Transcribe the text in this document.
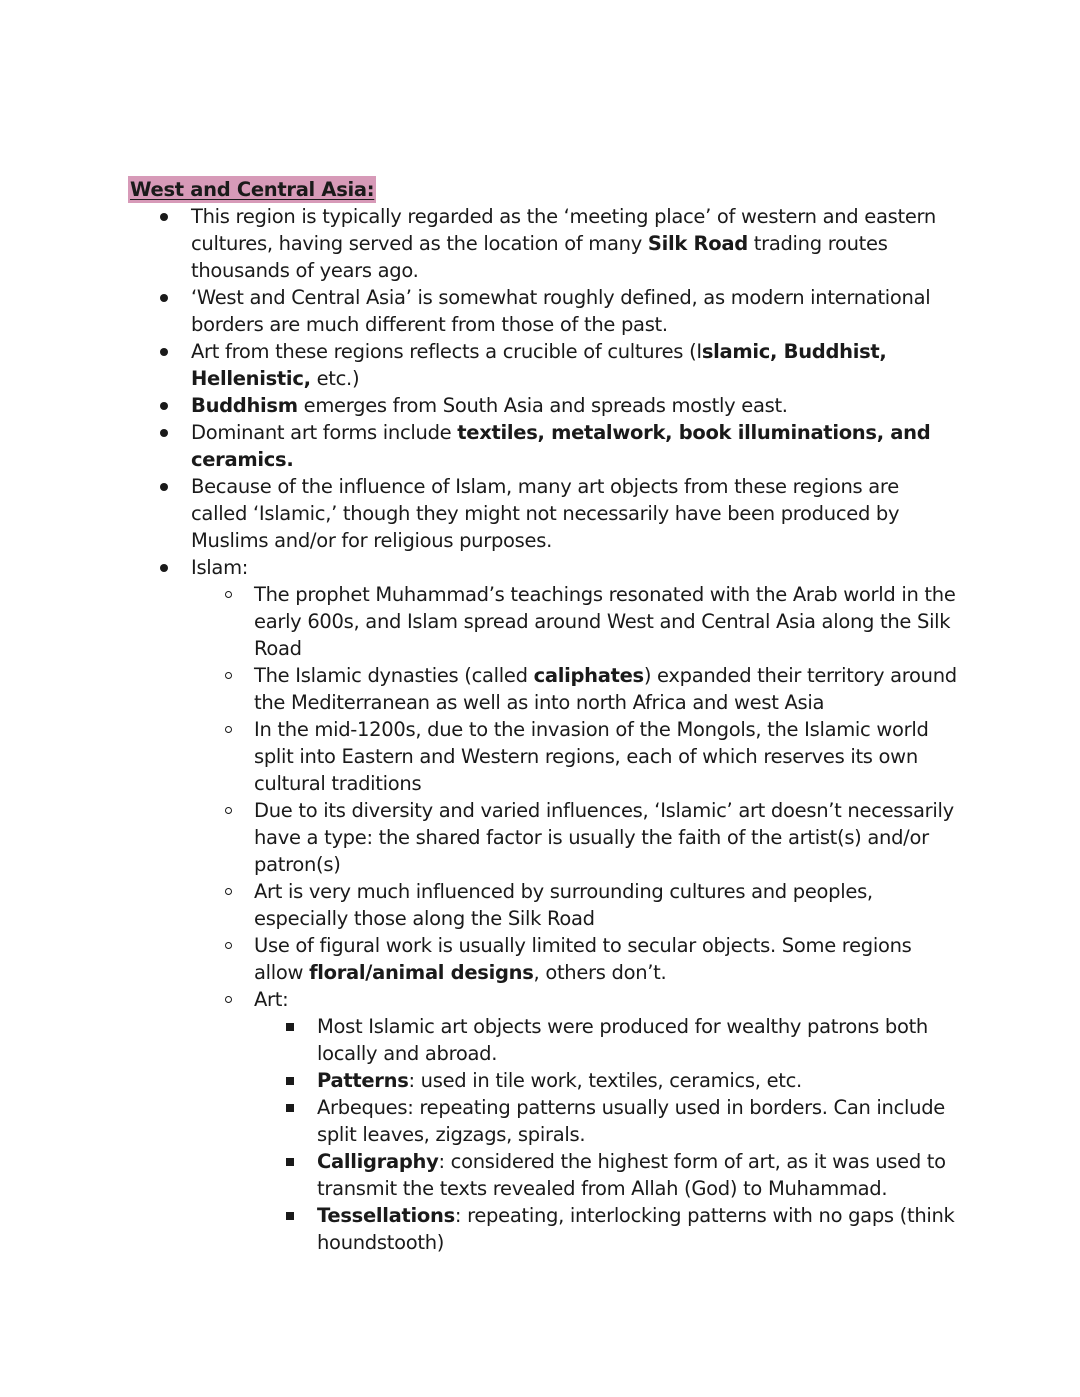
West and Central Asia:
This region is typically regarded as the ‘meeting place’ of western and eastern cultures, having served as the location of many Silk Road trading routes thousands of years ago.
‘West and Central Asia’ is somewhat roughly defined, as modern international borders are much different from those of the past.
Art from these regions reflects a crucible of cultures (Islamic, Buddhist, Hellenistic, etc.)
Buddhism emerges from South Asia and spreads mostly east.
Dominant art forms include textiles, metalwork, book illuminations, and ceramics.
Because of the influence of Islam, many art objects from these regions are called ‘Islamic,’ though they might not necessarily have been produced by Muslims and/or for religious purposes.
Islam:
The prophet Muhammad’s teachings resonated with the Arab world in the early 600s, and Islam spread around West and Central Asia along the Silk Road
The Islamic dynasties (called caliphates) expanded their territory around the Mediterranean as well as into north Africa and west Asia
In the mid-1200s, due to the invasion of the Mongols, the Islamic world split into Eastern and Western regions, each of which reserves its own cultural traditions
Due to its diversity and varied influences, ‘Islamic’ art doesn’t necessarily have a type: the shared factor is usually the faith of the artist(s) and/or patron(s)
Art is very much influenced by surrounding cultures and peoples, especially those along the Silk Road
Use of figural work is usually limited to secular objects. Some regions allow floral/animal designs, others don’t.
Art:
Most Islamic art objects were produced for wealthy patrons both locally and abroad.
Patterns: used in tile work, textiles, ceramics, etc.
Arbeques: repeating patterns usually used in borders. Can include split leaves, zigzags, spirals.
Calligraphy: considered the highest form of art, as it was used to transmit the texts revealed from Allah (God) to Muhammad.
Tessellations: repeating, interlocking patterns with no gaps (think houndstooth)
